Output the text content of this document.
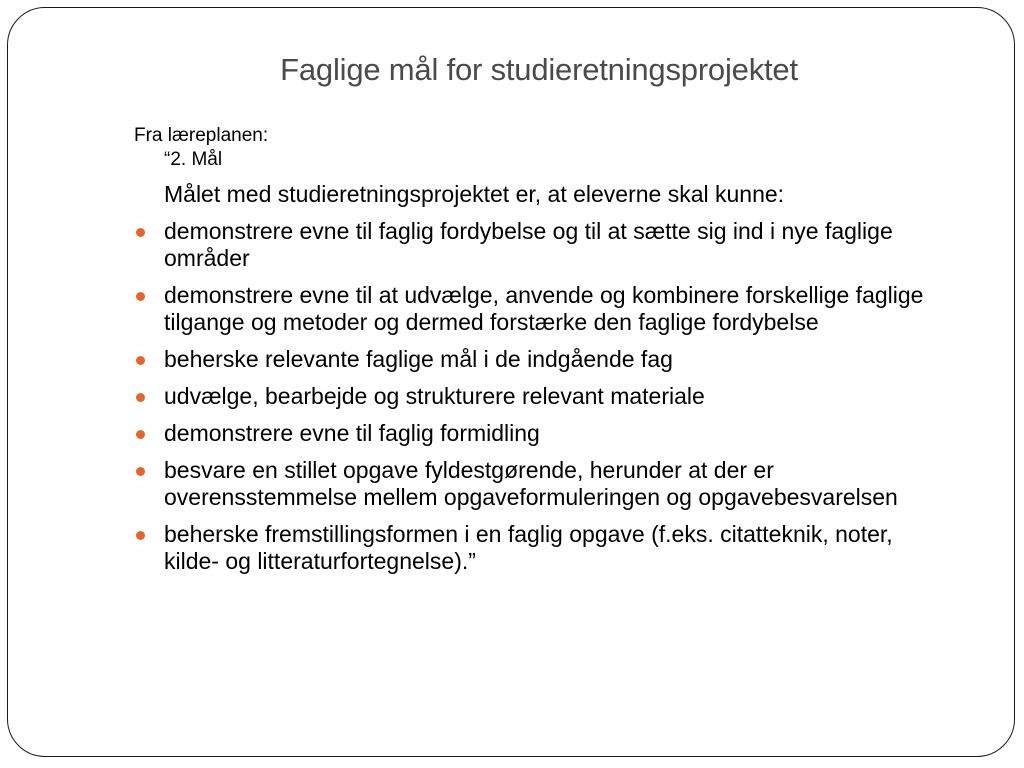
Faglige mål for studieretningsprojektet
Fra læreplanen:
“2. Mål
Målet med studieretningsprojektet er, at eleverne skal kunne:
demonstrere evne til faglig fordybelse og til at sætte sig ind i nye faglige områder
demonstrere evne til at udvælge, anvende og kombinere forskellige faglige tilgange og metoder og dermed forstærke den faglige fordybelse
beherske relevante faglige mål i de indgående fag
udvælge, bearbejde og strukturere relevant materiale
demonstrere evne til faglig formidling
besvare en stillet opgave fyldestgørende, herunder at der er overensstemmelse mellem opgaveformuleringen og opgavebesvarelsen
beherske fremstillingsformen i en faglig opgave (f.eks. citatteknik, noter, kilde- og litteraturfortegnelse).”
